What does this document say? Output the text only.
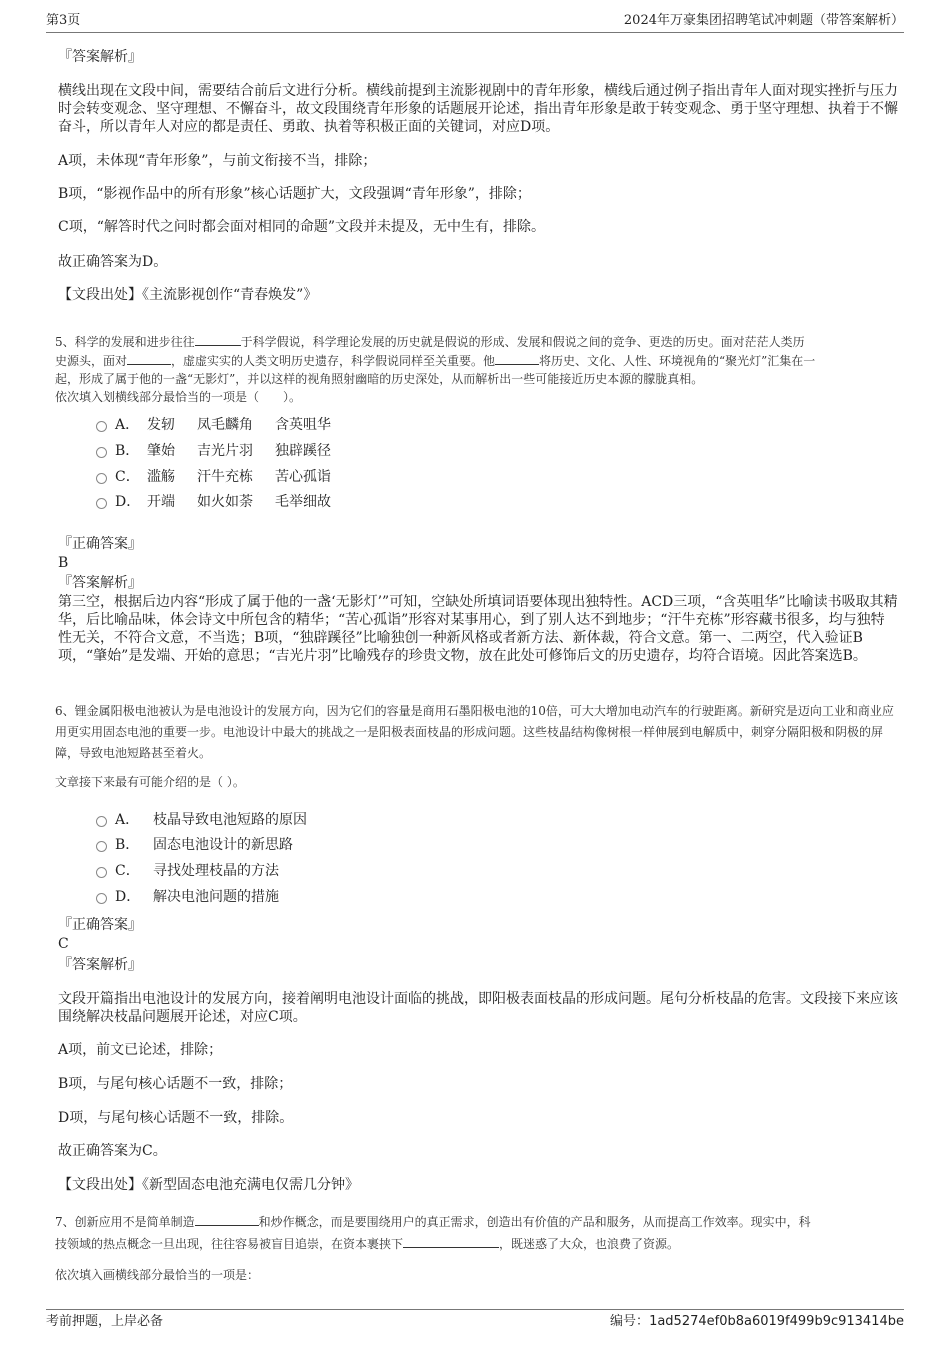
第3页	2024年万豪集团招聘笔试冲刺题（带答案解析）
『答案解析』
横线出现在文段中间，需要结合前后文进行分析。横线前提到主流影视剧中的青年形象，横线后通过例子指出青年人面对现实挫折与压力时会转变观念、坚守理想、不懈奋斗，故文段围绕青年形象的话题展开论述，指出青年形象是敢于转变观念、勇于坚守理想、执着于不懈奋斗，所以青年人对应的都是责任、勇敢、执着等积极正面的关键词，对应D项。
A项，未体现“青年形象”，与前文衔接不当，排除；
B项，“影视作品中的所有形象”核心话题扩大，文段强调“青年形象”，排除；
C项，“解答时代之问时都会面对相同的命题”文段并未提及，无中生有，排除。
故正确答案为D。
【文段出处】《主流影视创作“青春焕发”》
5、科学的发展和进步往往	于科学假说，科学理论发展的历史就是假说的形成、发展和假说之间的竞争、更迭的历史。面对茫茫人类历
史源头，面对	，虚虚实实的人类文明历史遗存，科学假说同样至关重要。他	将历史、文化、人性、环境视角的“聚光灯”汇集在一
起，形成了属于他的一盏“无影灯”，并以这样的视角照射幽暗的历史深处，从而解析出一些可能接近历史本源的朦胧真相。
依次填入划横线部分最恰当的一项是（　　）。
A． 发轫 凤毛麟角 含英咀华
B． 肇始 吉光片羽 独辟蹊径
C． 滥觞 汗牛充栋 苦心孤诣
D． 开端 如火如荼 毛举细故
『正确答案』
B
『答案解析』
第三空，根据后边内容“形成了属于他的一盏‘无影灯’”可知，空缺处所填词语要体现出独特性。ACD三项，“含英咀华”比喻读书吸取其精华，后比喻品味，体会诗文中所包含的精华；“苦心孤诣”形容对某事用心，到了别人达不到地步；“汗牛充栋”形容藏书很多，均与独特性无关，不符合文意，不当选；B项，“独辟蹊径”比喻独创一种新风格或者新方法、新体裁，符合文意。第一、二两空，代入验证B项，“肇始”是发端、开始的意思；“吉光片羽”比喻残存的珍贵文物，放在此处可修饰后文的历史遗存，均符合语境。因此答案选B。
6、锂金属阳极电池被认为是电池设计的发展方向，因为它们的容量是商用石墨阳极电池的10倍，可大大增加电动汽车的行驶距离。新研究是迈向工业和商业应用更实用固态电池的重要一步。电池设计中最大的挑战之一是阳极表面枝晶的形成问题。这些枝晶结构像树根一样伸展到电解质中，刺穿分隔阳极和阴极的屏障，导致电池短路甚至着火。
文章接下来最有可能介绍的是（ ）。
A． 枝晶导致电池短路的原因
B． 固态电池设计的新思路
C． 寻找处理枝晶的方法
D． 解决电池问题的措施
『正确答案』
C
『答案解析』
文段开篇指出电池设计的发展方向，接着阐明电池设计面临的挑战，即阳极表面枝晶的形成问题。尾句分析枝晶的危害。文段接下来应该围绕解决枝晶问题展开论述，对应C项。
A项，前文已论述，排除；
B项，与尾句核心话题不一致，排除；
D项，与尾句核心话题不一致，排除。
故正确答案为C。
【文段出处】《新型固态电池充满电仅需几分钟》
7、创新应用不是简单制造	和炒作概念，而是要围绕用户的真正需求，创造出有价值的产品和服务，从而提高工作效率。现实中，科
技领域的热点概念一旦出现，往往容易被盲目追崇，在资本裹挟下	，既迷惑了大众，也浪费了资源。
依次填入画横线部分最恰当的一项是：
考前押题，上岸必备	编号：1ad5274ef0b8a6019f499b9c913414be
